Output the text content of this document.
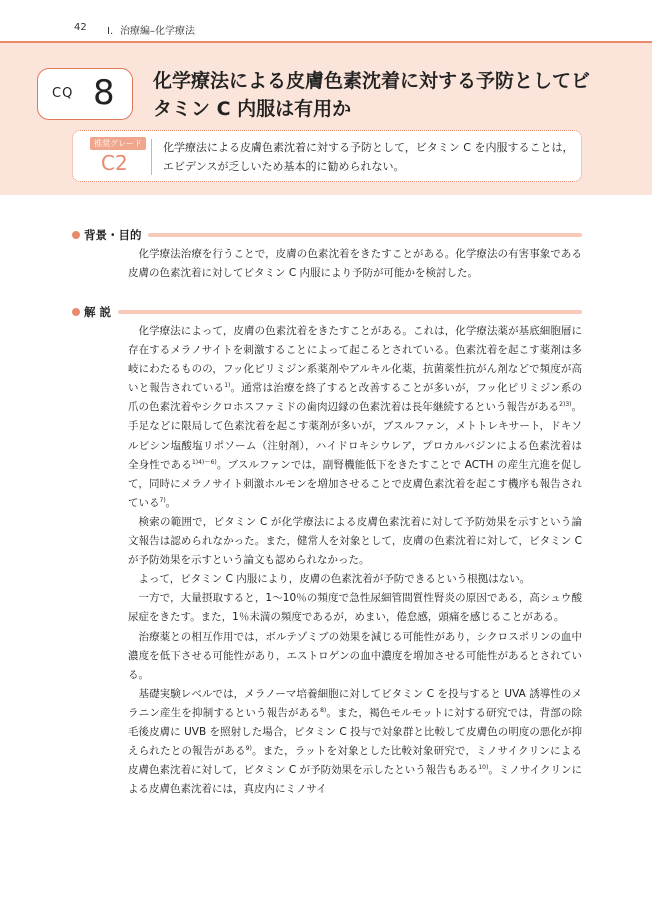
42 Ⅰ．治療編–化学療法
CQ 8 化学療法による皮膚色素沈着に対する予防としてビタミン C 内服は有用か
推奨グレード
C2
化学療法による皮膚色素沈着に対する予防として，ビタミン C を内服することは，エビデンスが乏しいため基本的に勧められない。
背景・目的

化学療法治療を行うことで，皮膚の色素沈着をきたすことがある。化学療法の有害事象である皮膚の色素沈着に対してビタミン C 内服により予防が可能かを検討した。

解 説

化学療法によって，皮膚の色素沈着をきたすことがある。これは，化学療法薬が基底細胞層に存在するメラノサイトを刺激することによって起こるとされている。色素沈着を起こす薬剤は多岐にわたるものの，フッ化ピリミジン系薬剤やアルキル化薬，抗菌薬性抗がん剤などで頻度が高いと報告されている$^{1)}$。通常は治療を終了すると改善することが多いが，フッ化ピリミジン系の爪の色素沈着やシクロホスファミドの歯肉辺縁の色素沈着は長年継続するという報告がある$^{2)3)}$。手足などに限局して色素沈着を起こす薬剤が多いが，ブスルファン，メトトレキサート，ドキソルビシン塩酸塩リポソーム（注射剤），ハイドロキシウレア，プロカルバジンによる色素沈着は全身性である$^{1)4)\sim 6)}$。ブスルファンでは，副腎機能低下をきたすことで ACTH の産生亢進を促して，同時にメラノサイト刺激ホルモンを増加させることで皮膚色素沈着を起こす機序も報告されている$^{7)}$。

検索の範囲で，ビタミン C が化学療法による皮膚色素沈着に対して予防効果を示すという論文報告は認められなかった。また，健常人を対象として，皮膚の色素沈着に対して，ビタミン C が予防効果を示すという論文も認められなかった。

よって，ビタミン C 内服により，皮膚の色素沈着が予防できるという根拠はない。

一方で，大量摂取すると，1～10％の頻度で急性尿細管間質性腎炎の原因である，高シュウ酸尿症をきたす。また，1％未満の頻度であるが，めまい，倦怠感，頭痛を感じることがある。

治療薬との相互作用では，ボルテゾミブの効果を減じる可能性があり，シクロスポリンの血中濃度を低下させる可能性があり，エストロゲンの血中濃度を増加させる可能性があるとされている。

基礎実験レベルでは，メラノーマ培養細胞に対してビタミン C を投与すると UVA 誘導性のメラニン産生を抑制するという報告がある$^{8)}$。また，褐色モルモットに対する研究では，背部の除毛後皮膚に UVB を照射した場合，ビタミン C 投与で対象群と比較して皮膚色の明度の悪化が抑えられたとの報告がある$^{9)}$。また，ラットを対象とした比較対象研究で，ミノサイクリンによる皮膚色素沈着に対して，ビタミン C が予防効果を示したという報告もある$^{10)}$。ミノサイクリンによる皮膚色素沈着には，真皮内にミノサイ
